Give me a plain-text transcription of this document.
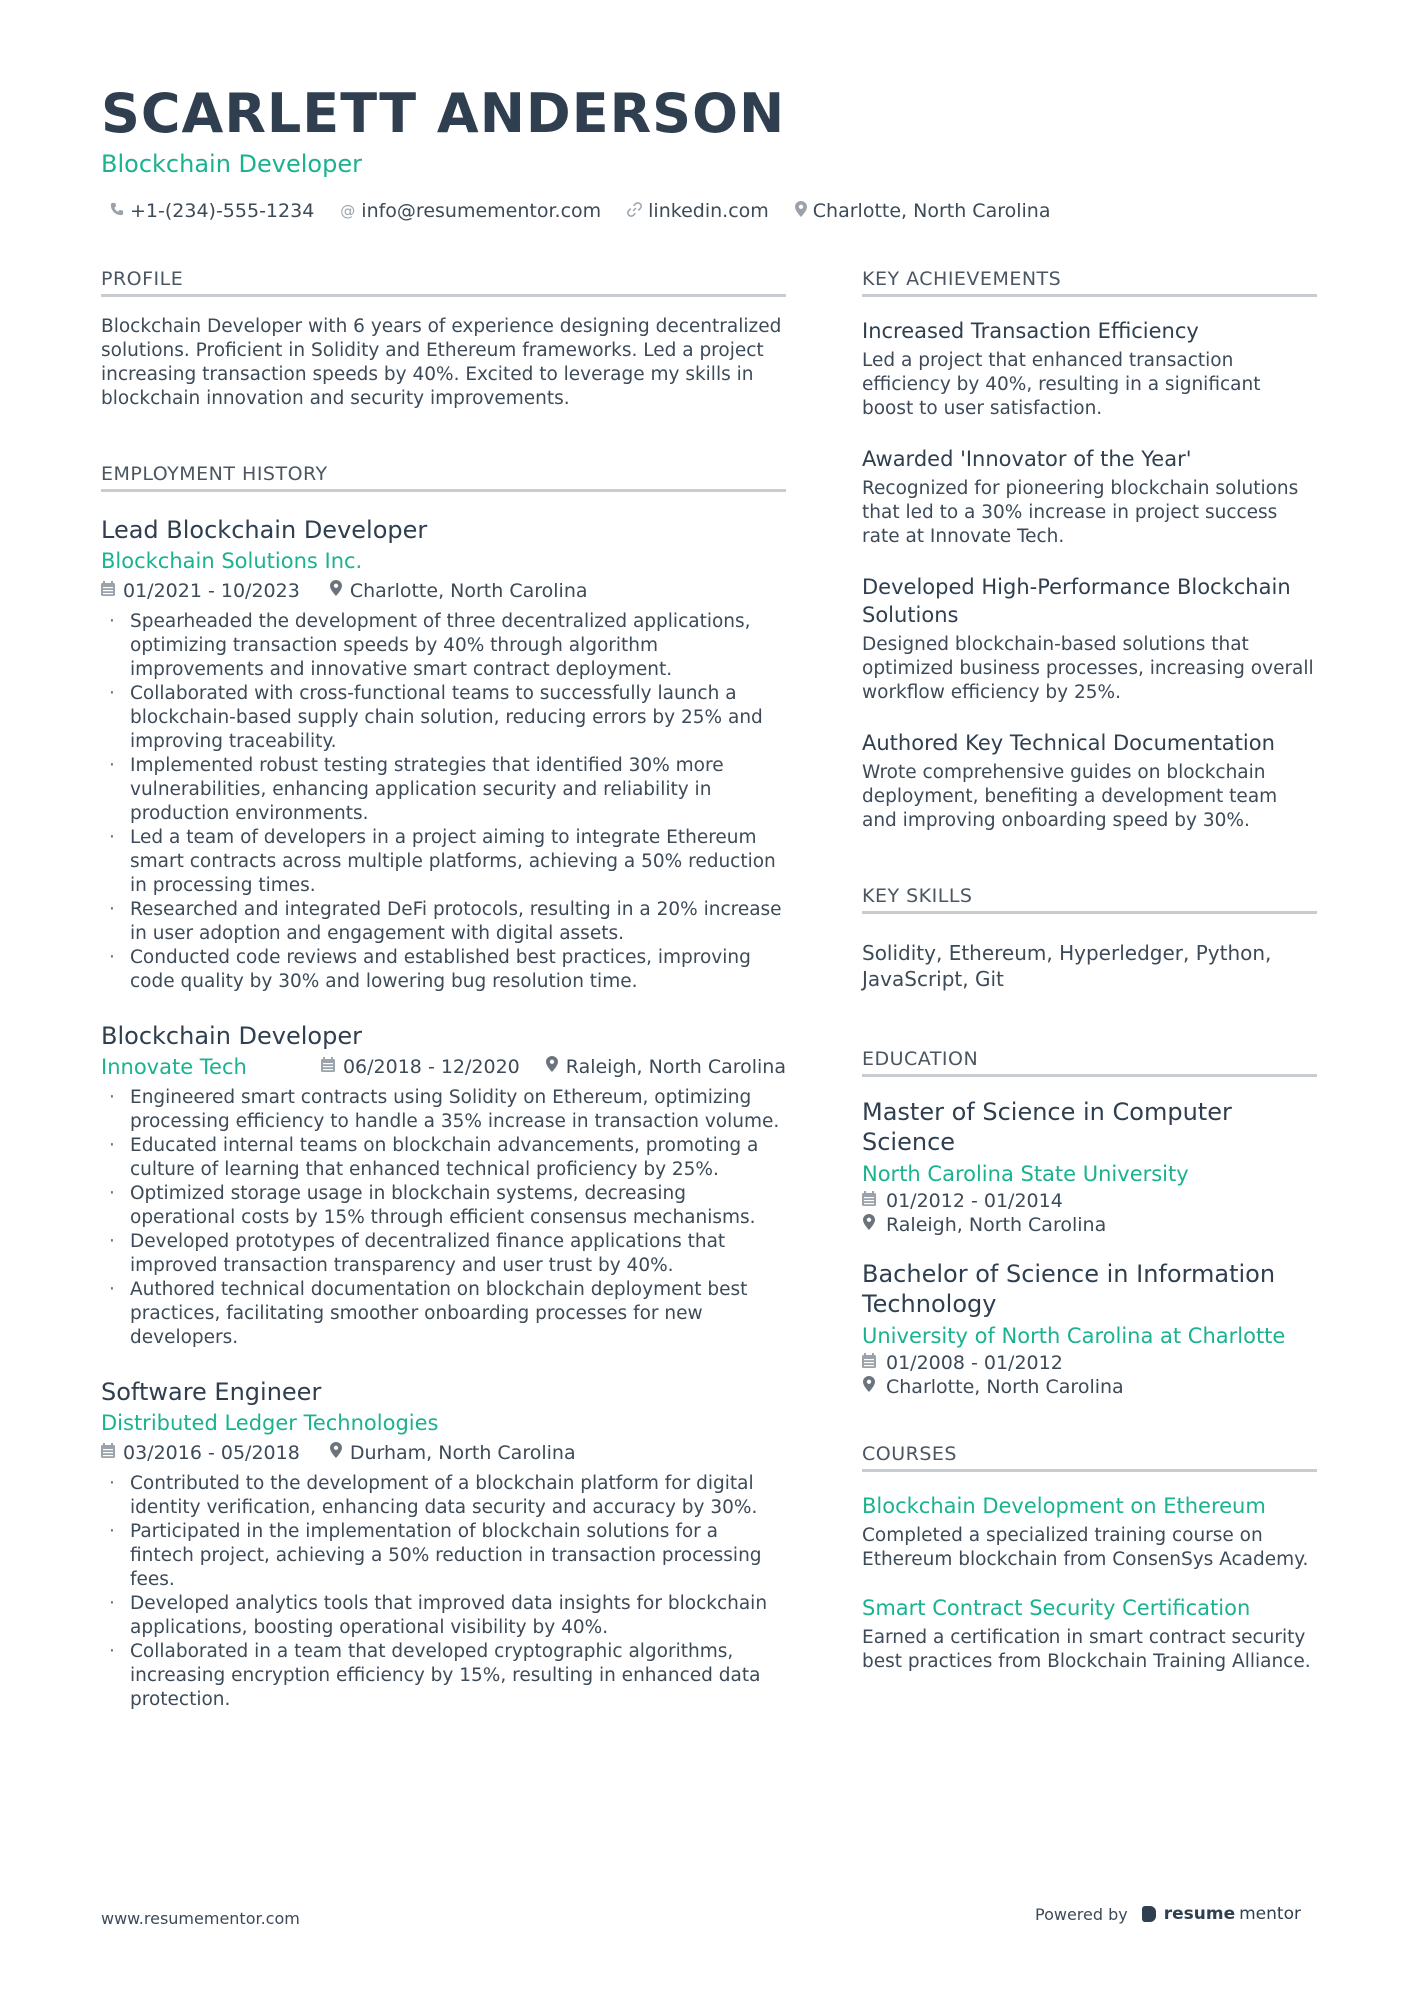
SCARLETT ANDERSON
Blockchain Developer
+1-(234)-555-1234 @ info@resumementor.com linkedin.com Charlotte, North Carolina
PROFILE

Blockchain Developer with 6 years of experience designing decentralized solutions. Proficient in Solidity and Ethereum frameworks. Led a project increasing transaction speeds by 40%. Excited to leverage my skills in blockchain innovation and security improvements.

EMPLOYMENT HISTORY
Lead Blockchain Developer
Blockchain Solutions Inc.
01/2021 - 10/2023	Charlotte, North Carolina
· Spearheaded the development of three decentralized applications, optimizing transaction speeds by 40% through algorithm improvements and innovative smart contract deployment.
· Collaborated with cross-functional teams to successfully launch a blockchain-based supply chain solution, reducing errors by 25% and improving traceability.
· Implemented robust testing strategies that identified 30% more vulnerabilities, enhancing application security and reliability in production environments.
· Led a team of developers in a project aiming to integrate Ethereum smart contracts across multiple platforms, achieving a 50% reduction in processing times.
· Researched and integrated DeFi protocols, resulting in a 20% increase in user adoption and engagement with digital assets.
· Conducted code reviews and established best practices, improving code quality by 30% and lowering bug resolution time.
Blockchain Developer
Innovate Tech	06/2018 - 12/2020 Raleigh, North Carolina
· Engineered smart contracts using Solidity on Ethereum, optimizing processing efficiency to handle a 35% increase in transaction volume.
· Educated internal teams on blockchain advancements, promoting a culture of learning that enhanced technical proficiency by 25%.
· Optimized storage usage in blockchain systems, decreasing operational costs by 15% through efficient consensus mechanisms.
· Developed prototypes of decentralized finance applications that improved transaction transparency and user trust by 40%.
· Authored technical documentation on blockchain deployment best practices, facilitating smoother onboarding processes for new developers.
Software Engineer
Distributed Ledger Technologies
03/2016 - 05/2018	Durham, North Carolina
· Contributed to the development of a blockchain platform for digital identity verification, enhancing data security and accuracy by 30%.
· Participated in the implementation of blockchain solutions for a fintech project, achieving a 50% reduction in transaction processing fees.
· Developed analytics tools that improved data insights for blockchain applications, boosting operational visibility by 40%.
· Collaborated in a team that developed cryptographic algorithms, increasing encryption efficiency by 15%, resulting in enhanced data protection.
KEY ACHIEVEMENTS
Increased Transaction Efficiency

Led a project that enhanced transaction efficiency by 40%, resulting in a significant boost to user satisfaction.

Awarded 'Innovator of the Year'

Recognized for pioneering blockchain solutions that led to a 30% increase in project success rate at Innovate Tech.

Developed High-Performance Blockchain Solutions

Designed blockchain-based solutions that optimized business processes, increasing overall workflow efficiency by 25%.

Authored Key Technical Documentation

Wrote comprehensive guides on blockchain deployment, benefiting a development team and improving onboarding speed by 30%.

KEY SKILLS

Solidity, Ethereum, Hyperledger, Python, JavaScript, Git

EDUCATION
Master of Science in Computer Science
North Carolina State University
01/2012 - 01/2014
Raleigh, North Carolina
Bachelor of Science in Information Technology
University of North Carolina at Charlotte
01/2008 - 01/2012
Charlotte, North Carolina
COURSES
Blockchain Development on Ethereum

Completed a specialized training course on Ethereum blockchain from ConsenSys Academy.

Smart Contract Security Certification

Earned a certification in smart contract security best practices from Blockchain Training Alliance.

www.resumementor.com	Powered by resume mentor
